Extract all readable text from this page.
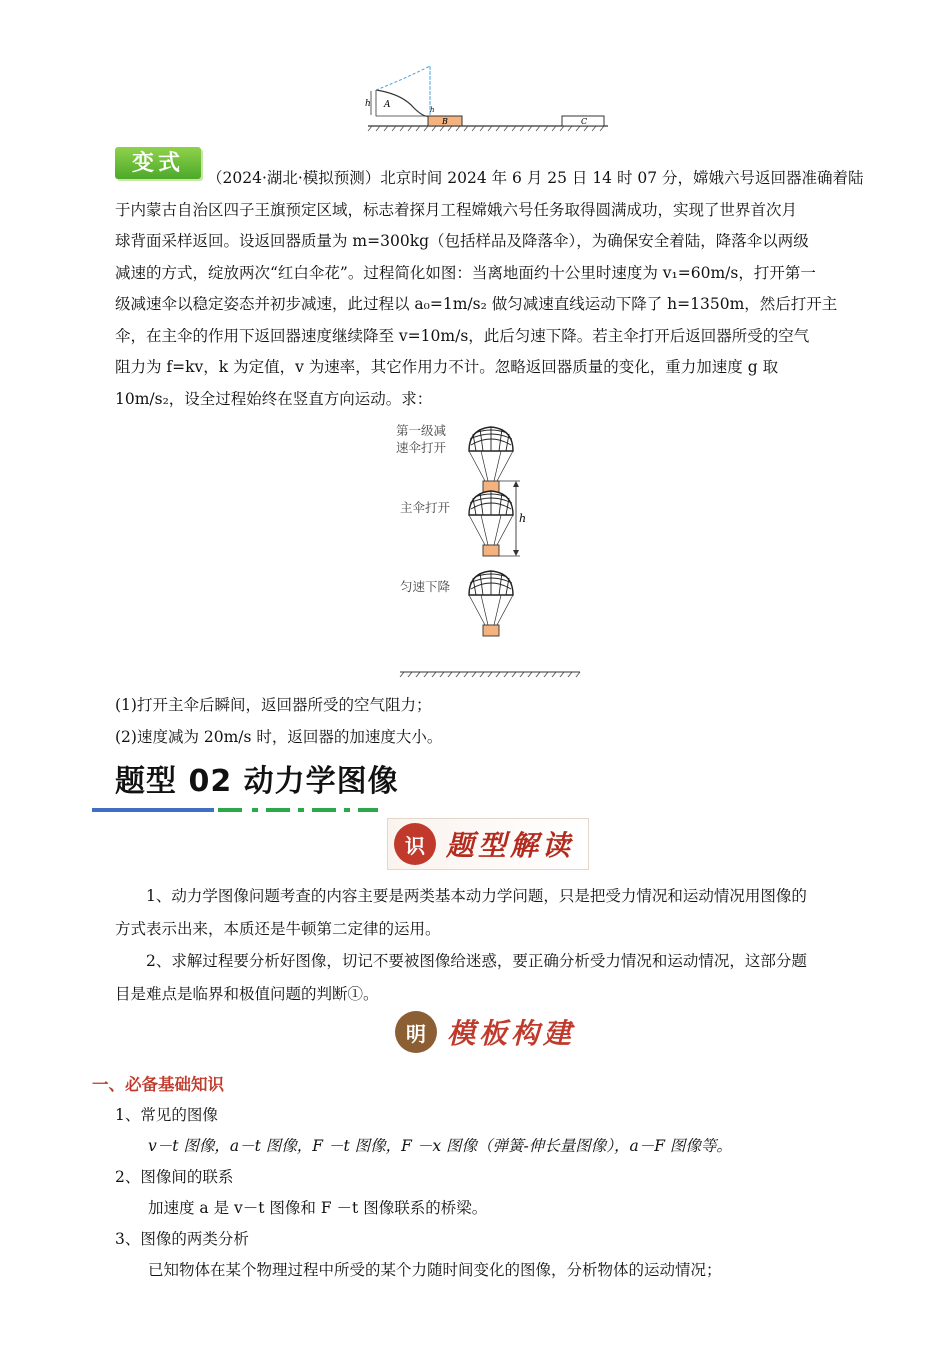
h A
B
h
C
变式
（2024·湖北·模拟预测）北京时间 2024 年 6 月 25 日 14 时 07 分，嫦娥六号返回器准确着陆
于内蒙古自治区四子王旗预定区域，标志着探月工程嫦娥六号任务取得圆满成功，实现了世界首次月
球背面采样返回。设返回器质量为 m=300kg（包括样品及降落伞），为确保安全着陆，降落伞以两级
减速的方式，绽放两次“红白伞花”。过程简化如图：当离地面约十公里时速度为 v₁=60m/s，打开第一
级减速伞以稳定姿态并初步减速，此过程以 a₀=1m/s₂ 做匀减速直线运动下降了 h=1350m，然后打开主
伞，在主伞的作用下返回器速度继续降至 v=10m/s，此后匀速下降。若主伞打开后返回器所受的空气
阻力为 f=kv，k 为定值，v 为速率，其它作用力不计。忽略返回器质量的变化，重力加速度 g 取
10m/s₂，设全过程始终在竖直方向运动。求：
第一级减
速伞打开
主伞打开
匀速下降
h
(1)打开主伞后瞬间，返回器所受的空气阻力；
(2)速度减为 20m/s 时，返回器的加速度大小。
题型 02 动力学图像
识 题型解读
1、动力学图像问题考查的内容主要是两类基本动力学问题，只是把受力情况和运动情况用图像的
方式表示出来，本质还是牛顿第二定律的运用。
2、求解过程要分析好图像，切记不要被图像给迷惑，要正确分析受力情况和运动情况，这部分题
目是难点是临界和极值问题的判断①。
明 模板构建
一、必备基础知识
1、常见的图像
v－t 图像，a－t 图像，F －t 图像，F －x 图像（弹簧-伸长量图像），a－F 图像等。
2、图像间的联系
加速度 a 是 v－t 图像和 F －t 图像联系的桥梁。
3、图像的两类分析
已知物体在某个物理过程中所受的某个力随时间变化的图像，分析物体的运动情况；
